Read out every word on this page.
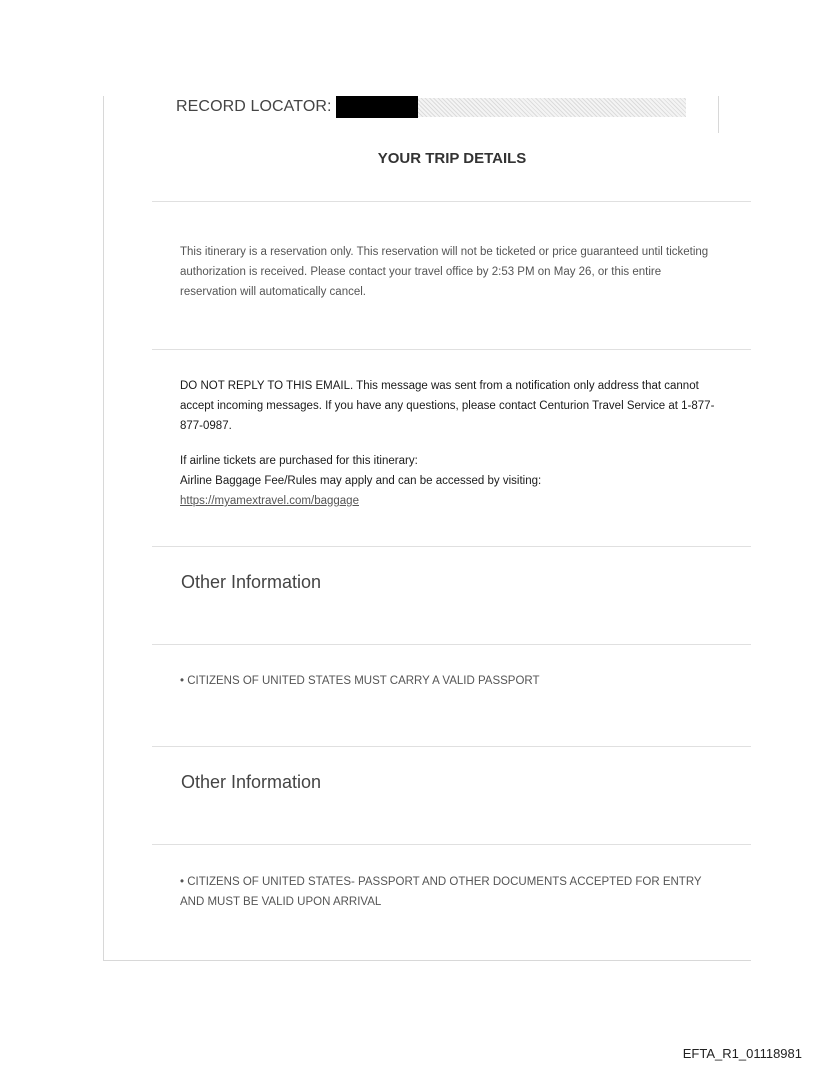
RECORD LOCATOR:
YOUR TRIP DETAILS
This itinerary is a reservation only. This reservation will not be ticketed or price guaranteed until ticketing authorization is received. Please contact your travel office by 2:53 PM on May 26, or this entire reservation will automatically cancel.
DO NOT REPLY TO THIS EMAIL. This message was sent from a notification only address that cannot accept incoming messages. If you have any questions, please contact Centurion Travel Service at 1-877-877-0987.
If airline tickets are purchased for this itinerary:
Airline Baggage Fee/Rules may apply and can be accessed by visiting:
https://myamextravel.com/baggage
Other Information
• CITIZENS OF UNITED STATES MUST CARRY A VALID PASSPORT
Other Information
• CITIZENS OF UNITED STATES- PASSPORT AND OTHER DOCUMENTS ACCEPTED FOR ENTRY AND MUST BE VALID UPON ARRIVAL
EFTA_R1_01118981
